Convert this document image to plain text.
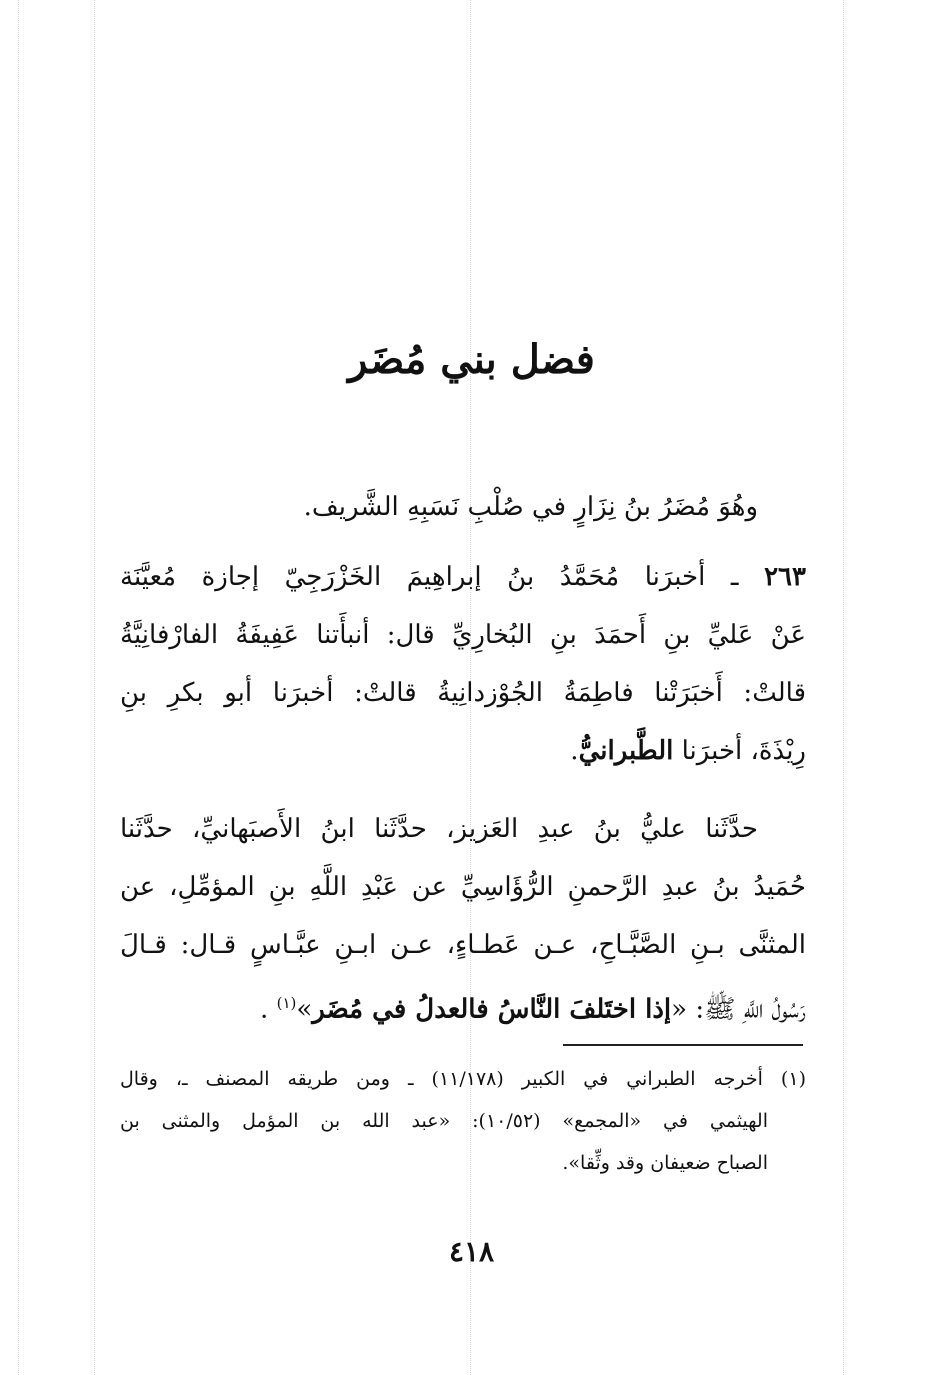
فضل بني مُضَر
وهُوَ مُضَرُ بنُ نِزَارٍ في صُلْبِ نَسَبِهِ الشَّريف.
٢٦٣ ـ أخبرَنا مُحَمَّدُ بنُ إبراهِيمَ الخَزْرَجِيّ إجازة مُعيَّنَة
عَنْ عَليِّ بنِ أَحمَدَ بنِ البُخارِيِّ قال: أنبأَتنا عَفِيفَةُ الفارْفانِيَّةُ
قالتْ: أَخبَرَتْنا فاطِمَةُ الجُوْزدانِيةُ قالتْ: أخبرَنا أبو بكرِ بنِ
رِيْذَةَ، أخبرَنا الطَّبرانيُّ.
حدَّثَنا عليُّ بنُ عبدِ العَزيز، حدَّثَنا ابنُ الأَصبَهانيِّ، حدَّثَنا
حُمَيدُ بنُ عبدِ الرَّحمنِ الرُّؤَاسِيِّ عن عَبْدِ اللَّهِ بنِ المؤمِّلِ، عن
المثنَّى بـنِ الصَّبَّـاحِ، عـن عَطـاءٍ، عـن ابـنِ عبَّـاسٍ قـال: قـالَ
رَسُولُ اللَّهِ ﷺ: «إذا اختَلفَ النَّاسُ فالعدلُ في مُضَر»$^{(١)}$ .
(١) أخرجه الطبراني في الكبير (١١/١٧٨) ـ ومن طريقه المصنف ـ، وقال
الهيثمي في «المجمع» (١٠/٥٢): «عبد الله بن المؤمل والمثنى بن
الصباح ضعيفان وقد وثِّقا».
٤١٨
